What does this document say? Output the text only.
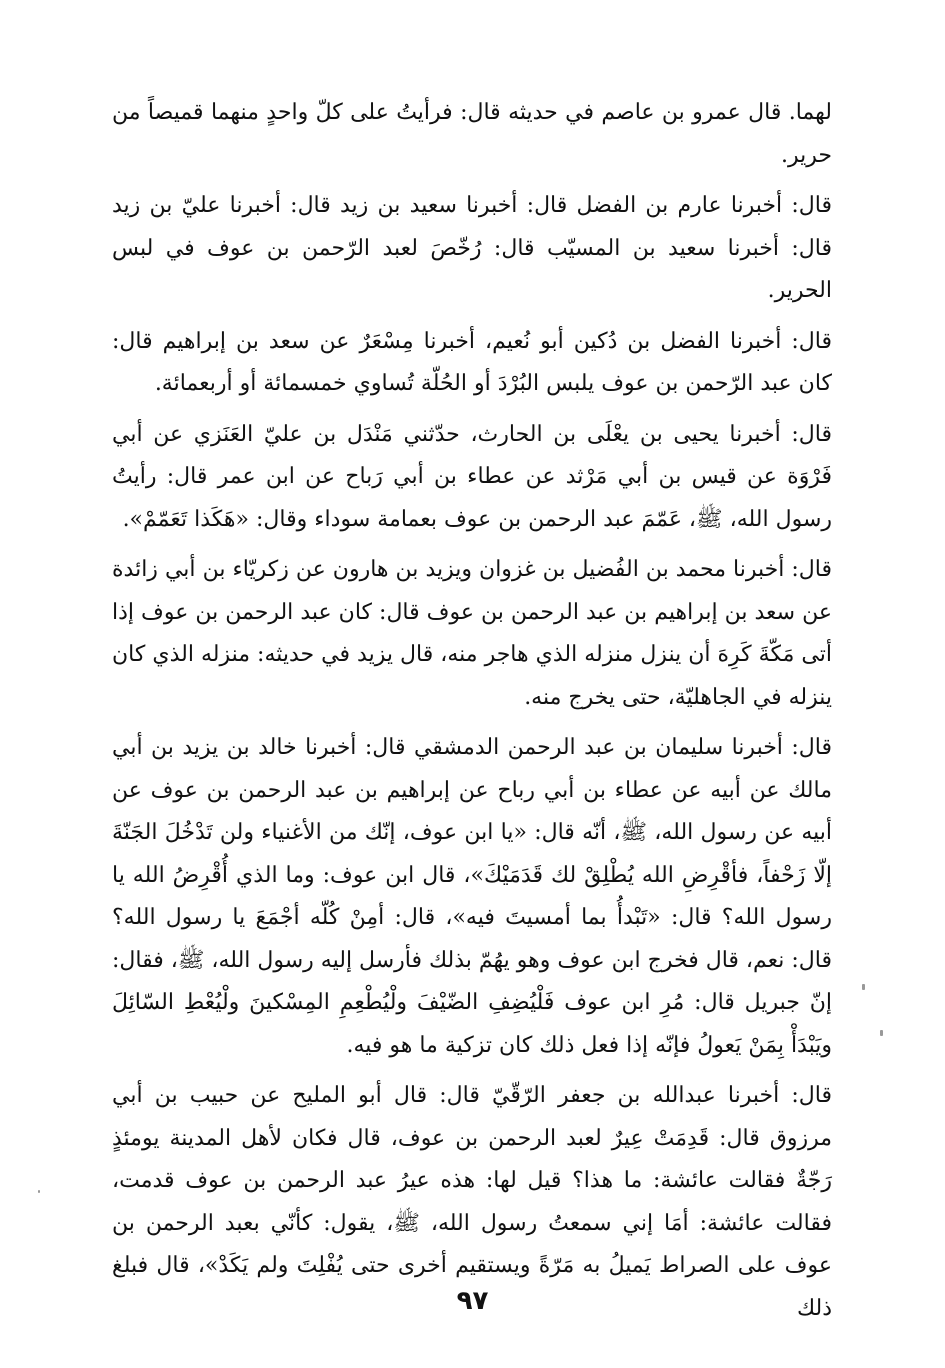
لهما. قال عمرو بن عاصم في حديثه قال: فرأيتُ على كلّ واحدٍ منهما قميصاً من حرير.

قال: أخبرنا عارم بن الفضل قال: أخبرنا سعيد بن زيد قال: أخبرنا عليّ بن زيد قال: أخبرنا سعيد بن المسيّب قال: رُخّصَ لعبد الرّحمن بن عوف في لبس الحرير.

قال: أخبرنا الفضل بن دُكين أبو نُعيم، أخبرنا مِسْعَرٌ عن سعد بن إبراهيم قال: كان عبد الرّحمن بن عوف يلبس البُرْدَ أو الحُلّة تُساوي خمسمائة أو أربعمائة.

قال: أخبرنا يحيى بن يعْلَى بن الحارث، حدّثني مَنْدَل بن عليّ العَنَزي عن أبي فَرْوَة عن قيس بن أبي مَرْثد عن عطاء بن أبي رَباح عن ابن عمر قال: رأيتُ رسول الله، ﷺ، عَمّمَ عبد الرحمن بن عوف بعمامة سوداء وقال: «هَكَذا تَعَمّمْ».

قال: أخبرنا محمد بن الفُضيل بن غزوان ويزيد بن هارون عن زكريّاء بن أبي زائدة عن سعد بن إبراهيم بن عبد الرحمن بن عوف قال: كان عبد الرحمن بن عوف إذا أتى مَكّةَ كَرِهَ أن ينزل منزله الذي هاجر منه، قال يزيد في حديثه: منزله الذي كان ينزله في الجاهليّة، حتى يخرج منه.

قال: أخبرنا سليمان بن عبد الرحمن الدمشقي قال: أخبرنا خالد بن يزيد بن أبي مالك عن أبيه عن عطاء بن أبي رباح عن إبراهيم بن عبد الرحمن بن عوف عن أبيه عن رسول الله، ﷺ، أنّه قال: «يا ابن عوف، إنّك من الأغنياء ولن تَدْخُلَ الجَنّةَ إلّا زَحْفاً، فأقْرِضِ الله يُطْلِقْ لك قَدَمَيْكَ»، قال ابن عوف: وما الذي أُقْرِضُ الله يا رسول الله؟ قال: «تَبْدأُ بما أمسيتَ فيه»، قال: أمِنْ كُلّه أجْمَعَ يا رسول الله؟ قال: نعم، قال فخرج ابن عوف وهو يهُمّ بذلك فأرسل إليه رسول الله، ﷺ، فقال: إنّ جبريل قال: مُرِ ابن عوف فَلْيُضِفِ الضّيْفَ ولْيُطْعِمِ المِسْكينَ ولْيُعْطِ السّائِلَ ويَبْدَأْ بِمَنْ يَعولُ فإنّه إذا فعل ذلك كان تزكية ما هو فيه.

قال: أخبرنا عبدالله بن جعفر الرّقّيّ قال: قال أبو المليح عن حبيب بن أبي مرزوق قال: قَدِمَتْ عِيرٌ لعبد الرحمن بن عوف، قال فكان لأهل المدينة يومئذٍ رَجّةٌ فقالت عائشة: ما هذا؟ قيل لها: هذه عيرُ عبد الرحمن بن عوف قدمت، فقالت عائشة: أمَا إني سمعتُ رسول الله، ﷺ، يقول: كأنّي بعبد الرحمن بن عوف على الصراط يَميلُ به مَرّةً ويستقيم أخرى حتى يُفْلِتَ ولم يَكَدْ»، قال فبلغ ذلك

٩٧
